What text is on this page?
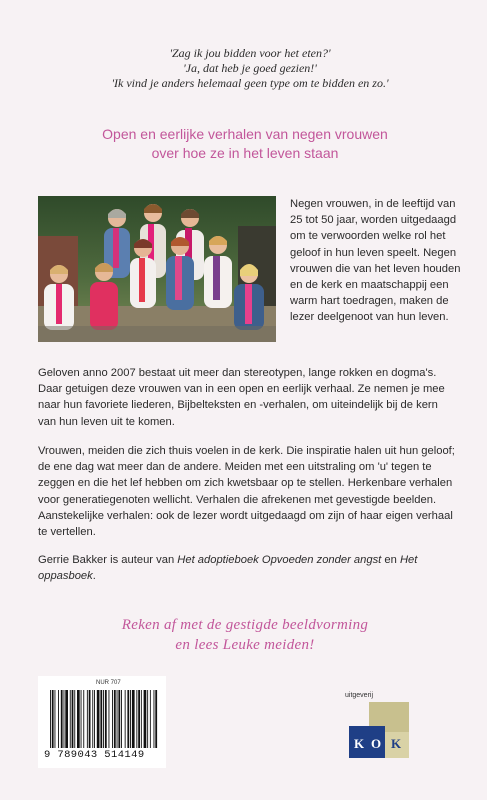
'Zag ik jou bidden voor het eten?'
'Ja, dat heb je goed gezien!'
'Ik vind je anders helemaal geen type om te bidden en zo.'
Open en eerlijke verhalen van negen vrouwen
over hoe ze in het leven staan
Negen vrouwen, in de leeftijd van 25 tot 50 jaar, worden uitgedaagd om te verwoorden welke rol het geloof in hun leven speelt. Negen vrouwen die van het leven houden en de kerk en maatschappij een warm hart toedragen, maken de lezer deelgenoot van hun leven.
Geloven anno 2007 bestaat uit meer dan stereotypen, lange rokken en dogma's. Daar getuigen deze vrouwen van in een open en eerlijk verhaal. Ze nemen je mee naar hun favoriete liederen, Bijbelteksten en -verhalen, om uiteindelijk bij de kern van hun leven uit te komen.
Vrouwen, meiden die zich thuis voelen in de kerk. Die inspiratie halen uit hun geloof; de ene dag wat meer dan de andere. Meiden met een uitstraling om 'u' tegen te zeggen en die het lef hebben om zich kwetsbaar op te stellen. Herkenbare verhalen voor generatiegenoten wellicht. Verhalen die afrekenen met gevestigde beelden. Aanstekelijke verhalen: ook de lezer wordt uitgedaagd om zijn of haar eigen verhaal te vertellen.
Gerrie Bakker is auteur van Het adoptieboek Opvoeden zonder angst en Het oppasboek.
Reken af met de gestigde beeldvorming
en lees Leuke meiden!
NUR 707
9 789043 514149
uitgeverij
K O K
